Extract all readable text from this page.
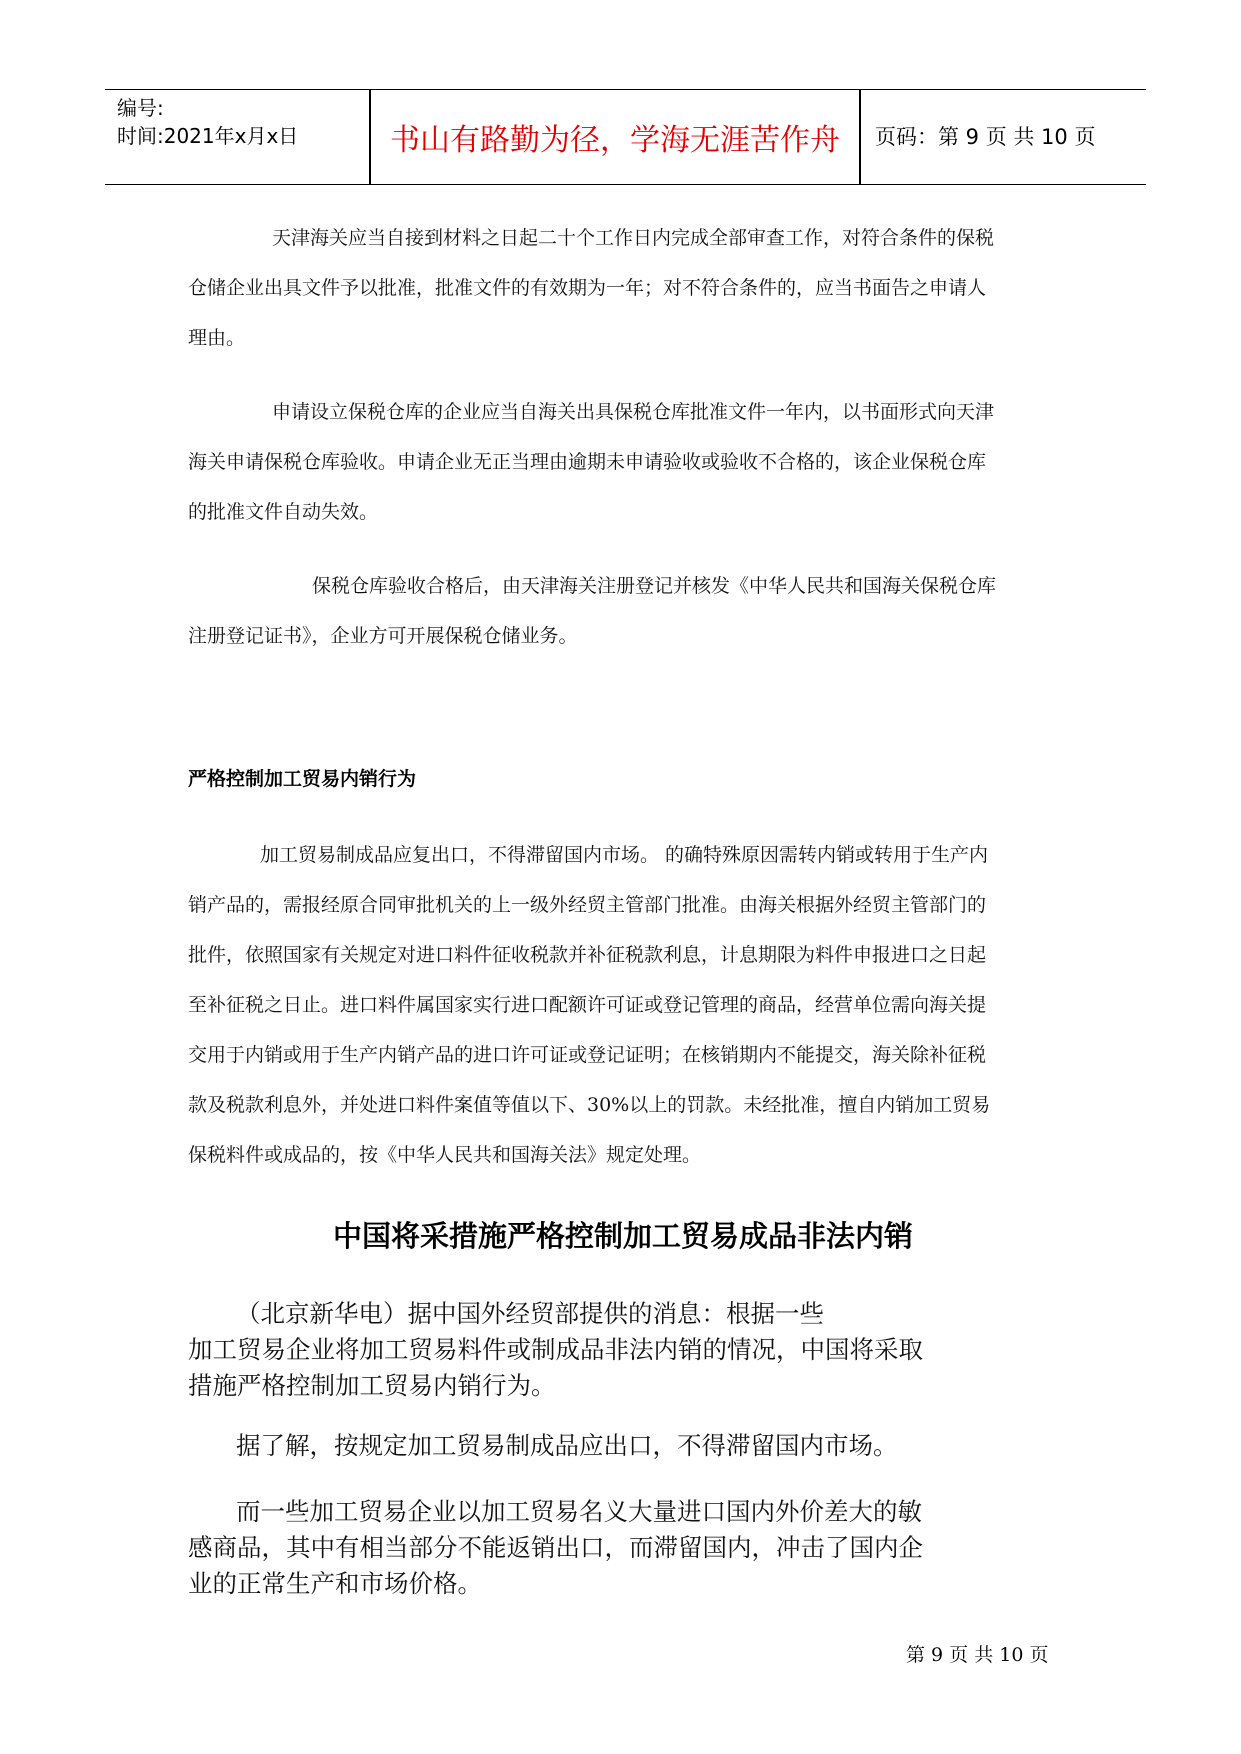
编号:
时间:2021年x月x日	书山有路勤为径，学海无涯苦作舟	页码：第 9 页 共 10 页

天津海关应当自接到材料之日起二十个工作日内完成全部审查工作，对符合条件的保税

仓储企业出具文件予以批准，批准文件的有效期为一年；对不符合条件的，应当书面告之申请人

理由。

申请设立保税仓库的企业应当自海关出具保税仓库批准文件一年内，以书面形式向天津

海关申请保税仓库验收。申请企业无正当理由逾期未申请验收或验收不合格的，该企业保税仓库

的批准文件自动失效。

保税仓库验收合格后，由天津海关注册登记并核发《中华人民共和国海关保税仓库

注册登记证书》，企业方可开展保税仓储业务。

严格控制加工贸易内销行为

加工贸易制成品应复出口，不得滞留国内市场。 的确特殊原因需转内销或转用于生产内

销产品的，需报经原合同审批机关的上一级外经贸主管部门批准。由海关根据外经贸主管部门的

批件，依照国家有关规定对进口料件征收税款并补征税款利息，计息期限为料件申报进口之日起

至补征税之日止。进口料件属国家实行进口配额许可证或登记管理的商品，经营单位需向海关提

交用于内销或用于生产内销产品的进口许可证或登记证明；在核销期内不能提交，海关除补征税

款及税款利息外，并处进口料件案值等值以下、30%以上的罚款。未经批准，擅自内销加工贸易

保税料件或成品的，按《中华人民共和国海关法》规定处理。

中国将采措施严格控制加工贸易成品非法内销
（北京新华电）据中国外经贸部提供的消息：根据一些
加工贸易企业将加工贸易料件或制成品非法内销的情况，中国将采取
措施严格控制加工贸易内销行为。
据了解，按规定加工贸易制成品应出口，不得滞留国内市场。
而一些加工贸易企业以加工贸易名义大量进口国内外价差大的敏
感商品，其中有相当部分不能返销出口，而滞留国内，冲击了国内企
业的正常生产和市场价格。
第 9 页 共 10 页
